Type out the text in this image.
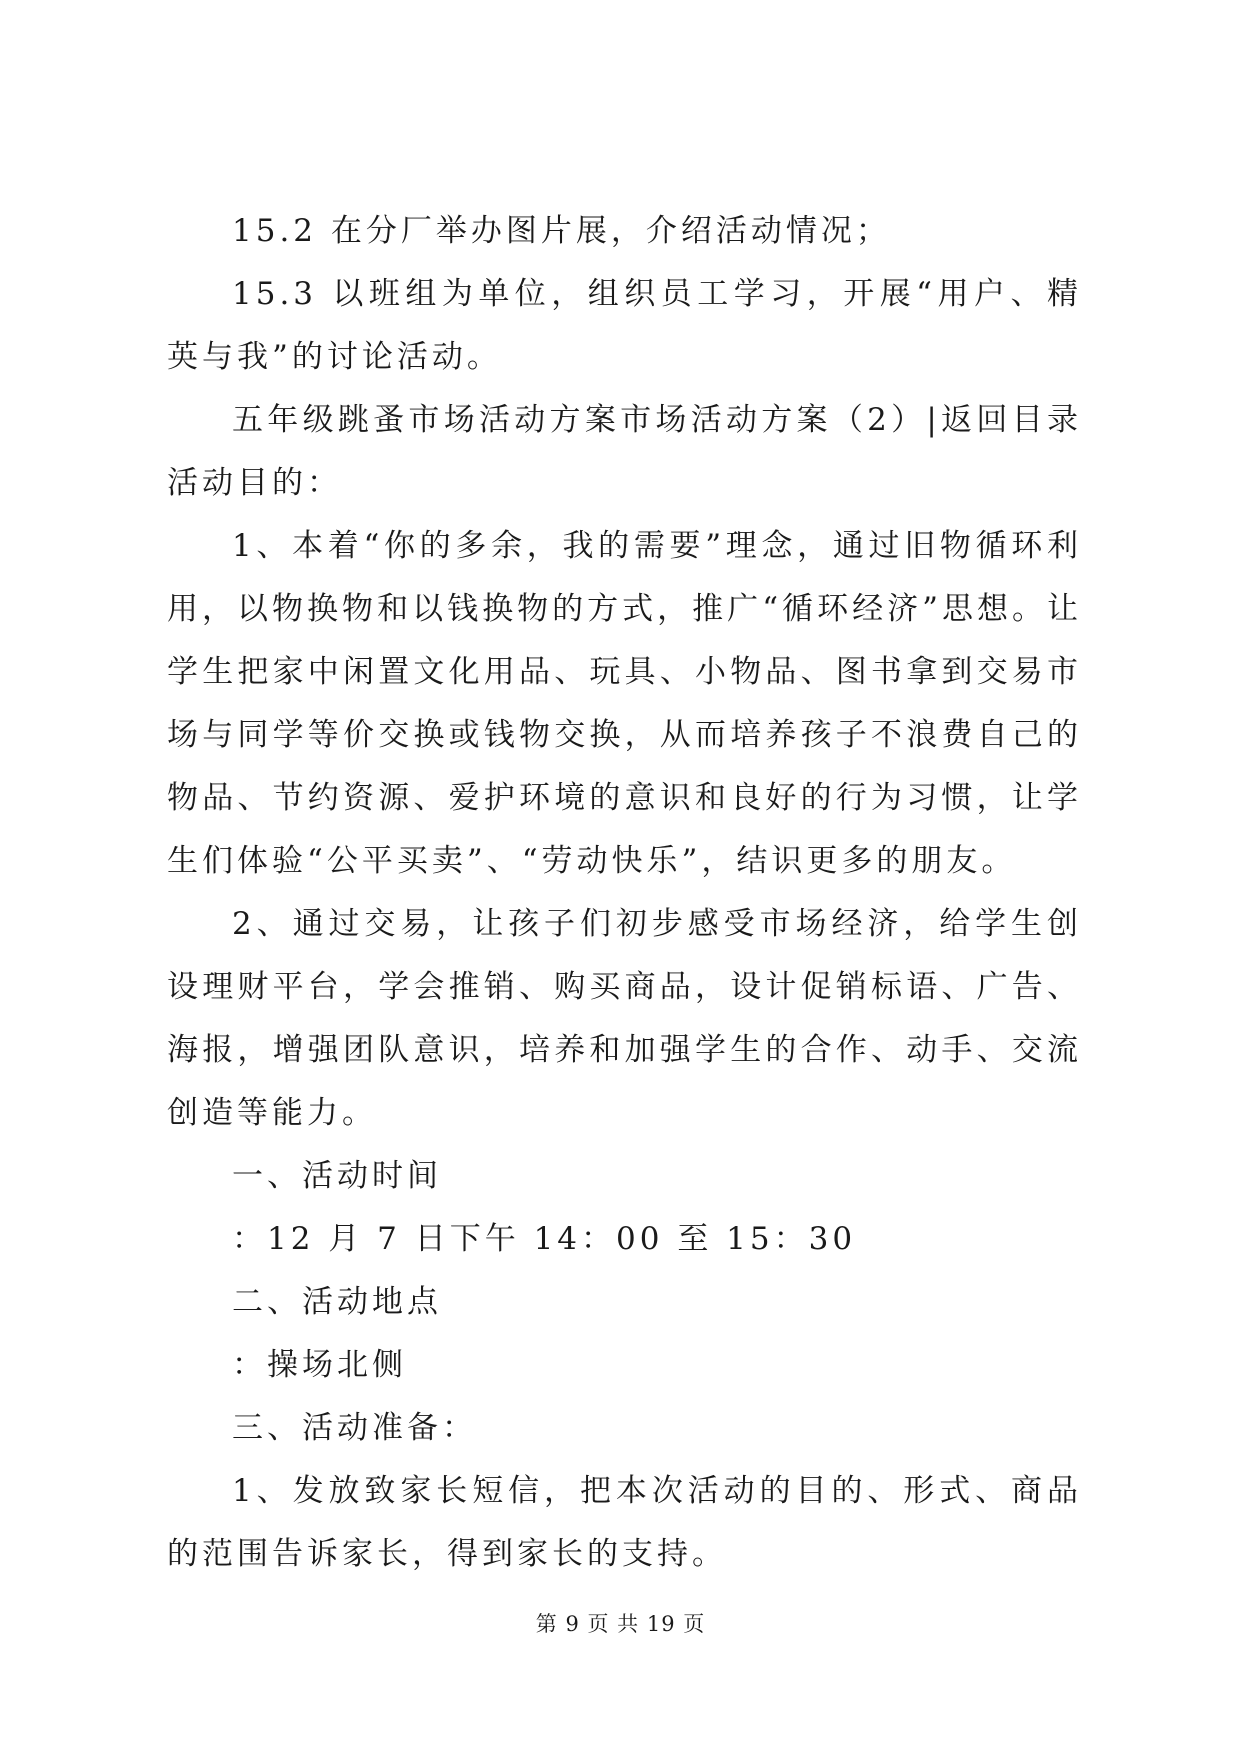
15.2 在分厂举办图片展，介绍活动情况；

15.3 以班组为单位，组织员工学习，开展“用户、精英与我”的讨论活动。

五年级跳蚤市场活动方案市场活动方案（2）|返回目录活动目的：

1、本着“你的多余，我的需要”理念，通过旧物循环利用，以物换物和以钱换物的方式，推广“循环经济”思想。让学生把家中闲置文化用品、玩具、小物品、图书拿到交易市场与同学等价交换或钱物交换，从而培养孩子不浪费自己的物品、节约资源、爱护环境的意识和良好的行为习惯，让学生们体验“公平买卖”、“劳动快乐”，结识更多的朋友。

2、通过交易，让孩子们初步感受市场经济，给学生创设理财平台，学会推销、购买商品，设计促销标语、广告、海报，增强团队意识，培养和加强学生的合作、动手、交流创造等能力。

一、活动时间

：12 月 7 日下午 14：00 至 15：30

二、活动地点

：操场北侧

三、活动准备：

1、发放致家长短信，把本次活动的目的、形式、商品的范围告诉家长，得到家长的支持。

第 9 页 共 19 页
